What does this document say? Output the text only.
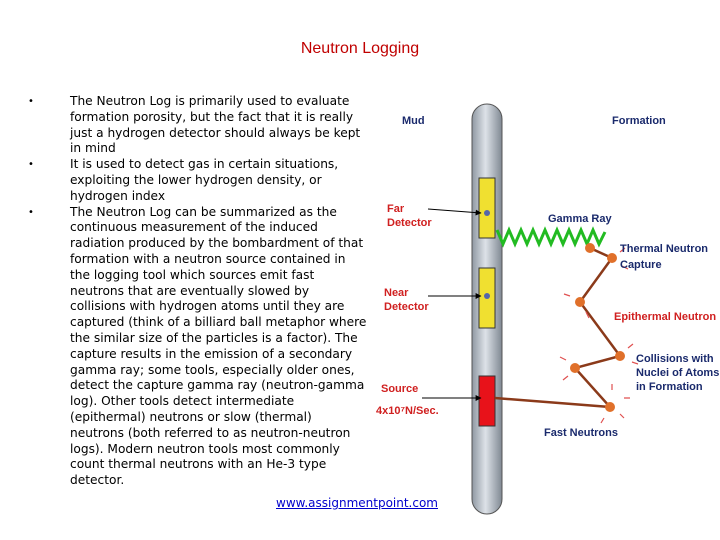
Neutron Logging
•	The Neutron Log is primarily used to evaluate formation porosity, but the fact that it is really just a hydrogen detector should always be kept in mind
•	It is used to detect gas in certain situations, exploiting the lower hydrogen density, or hydrogen index
•	The Neutron Log can be summarized as the continuous measurement of the induced radiation produced by the bombardment of that formation with a neutron source contained in the logging tool which sources emit fast neutrons that are eventually slowed by collisions with hydrogen atoms until they are captured (think of a billiard ball metaphor where the similar size of the particles is a factor). The capture results in the emission of a secondary gamma ray; some tools, especially older ones, detect the capture gamma ray (neutron-gamma log). Other tools detect intermediate (epithermal) neutrons or slow (thermal) neutrons (both referred to as neutron-neutron logs). Modern neutron tools most commonly count thermal neutrons with an He-3 type detector.
Mud	Formation
Far
Detector
Near
Detector
Source
4x10⁷N/Sec.
Gamma Ray
Thermal Neutron
Capture
Epithermal Neutron
Collisions with
Nuclei of Atoms
in Formation
Fast Neutrons
www.assignmentpoint.com
